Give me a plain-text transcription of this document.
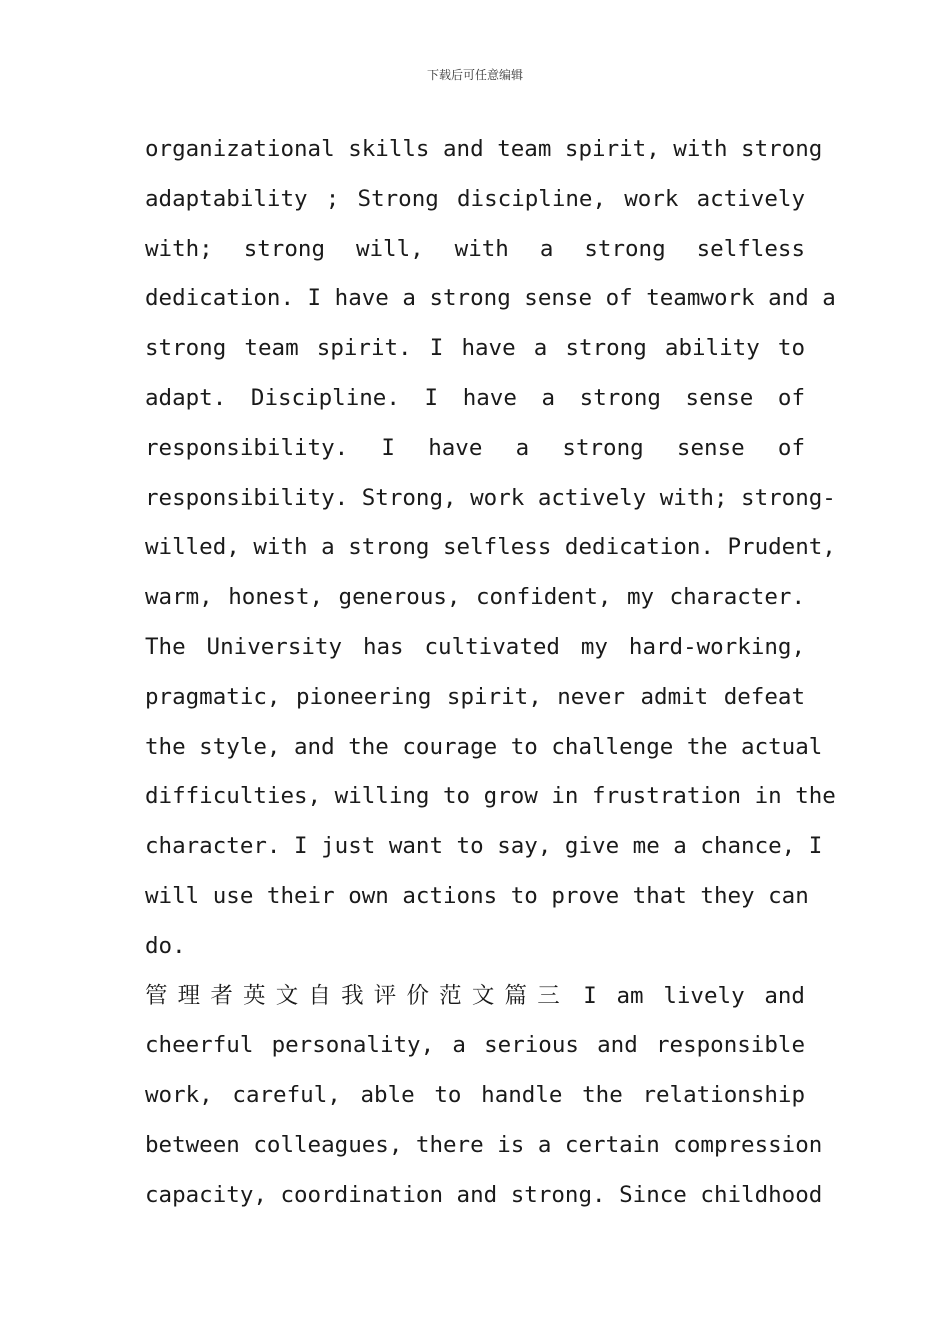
下载后可任意编辑
organizational skills and team spirit, with strong
adaptability ; Strong discipline, work actively
with; strong will, with a strong selfless
dedication. I have a strong sense of teamwork and a
strong team spirit. I have a strong ability to
adapt. Discipline. I have a strong sense of
responsibility. I have a strong sense of
responsibility. Strong, work actively with; strong-
willed, with a strong selfless dedication. Prudent,
warm, honest, generous, confident, my character.
The University has cultivated my hard-working,
pragmatic, pioneering spirit, never admit defeat
the style, and the courage to challenge the actual
difficulties, willing to grow in frustration in the
character. I just want to say, give me a chance, I
will use their own actions to prove that they can
do.
管理者英文自我评价范文篇三 I am lively and
cheerful personality, a serious and responsible
work, careful, able to handle the relationship
between colleagues, there is a certain compression
capacity, coordination and strong. Since childhood
